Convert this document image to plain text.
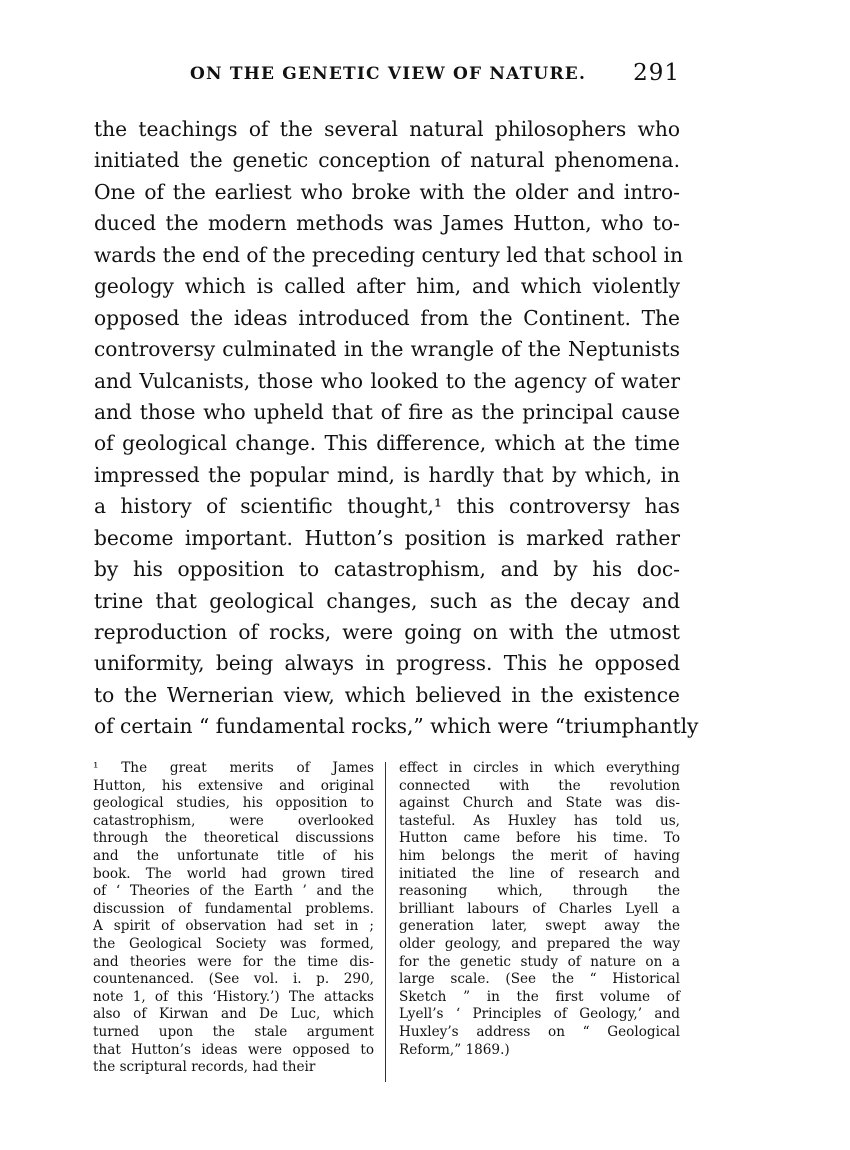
ON THE GENETIC VIEW OF NATURE. 291
the teachings of the several natural philosophers who
initiated the genetic conception of natural phenomena.
One of the earliest who broke with the older and intro-
duced the modern methods was James Hutton, who to-
wards the end of the preceding century led that school in
geology which is called after him, and which violently
opposed the ideas introduced from the Continent. The
controversy culminated in the wrangle of the Neptunists
and Vulcanists, those who looked to the agency of water
and those who upheld that of fire as the principal cause
of geological change. This difference, which at the time
impressed the popular mind, is hardly that by which, in
a history of scientific thought,¹ this controversy has
become important. Hutton’s position is marked rather
by his opposition to catastrophism, and by his doc-
trine that geological changes, such as the decay and
reproduction of rocks, were going on with the utmost
uniformity, being always in progress. This he opposed
to the Wernerian view, which believed in the existence
of certain “ fundamental rocks,” which were “triumphantly
¹ The great merits of James
Hutton, his extensive and original
geological studies, his opposition to
catastrophism, were overlooked
through the theoretical discussions
and the unfortunate title of his
book. The world had grown tired
of ‘ Theories of the Earth ’ and the
discussion of fundamental problems.
A spirit of observation had set in ;
the Geological Society was formed,
and theories were for the time dis-
countenanced. (See vol. i. p. 290,
note 1, of this ‘History.’) The attacks
also of Kirwan and De Luc, which
turned upon the stale argument
that Hutton’s ideas were opposed to
the scriptural records, had their
effect in circles in which everything
connected with the revolution
against Church and State was dis-
tasteful. As Huxley has told us,
Hutton came before his time. To
him belongs the merit of having
initiated the line of research and
reasoning which, through the
brilliant labours of Charles Lyell a
generation later, swept away the
older geology, and prepared the way
for the genetic study of nature on a
large scale. (See the “ Historical
Sketch ” in the first volume of
Lyell’s ‘ Principles of Geology,’ and
Huxley’s address on “ Geological
Reform,” 1869.)
